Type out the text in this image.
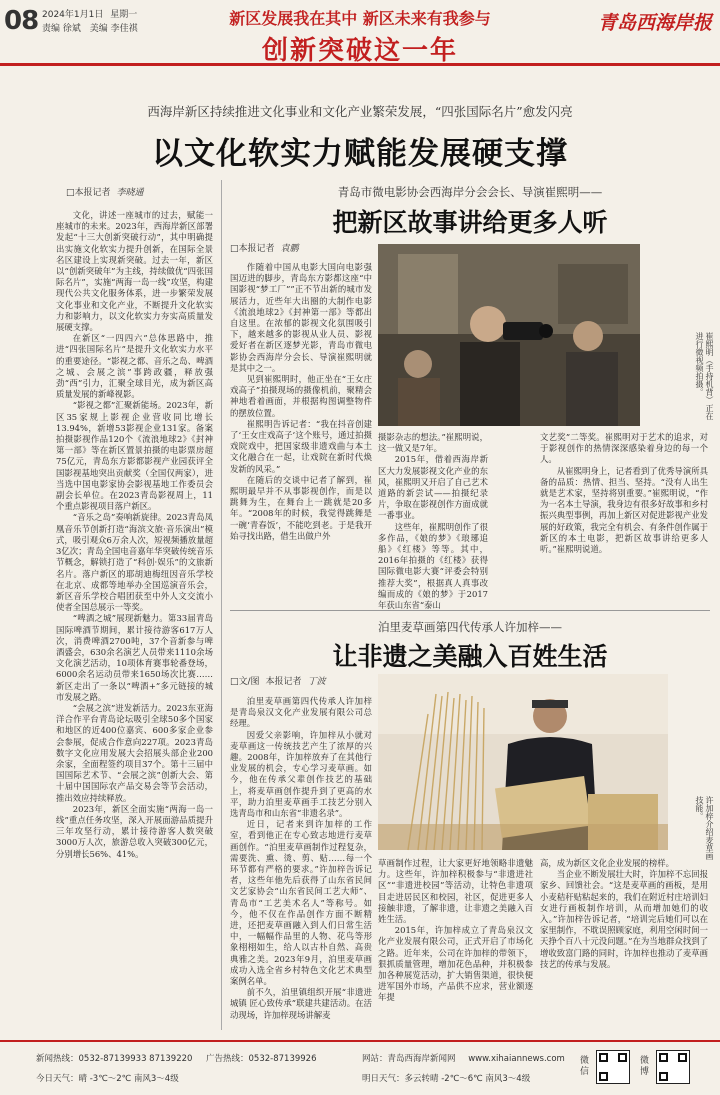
08 2024年1月1日 星期一
责编 徐斌 美编 李佳祺
新区发展我在其中 新区未来有我参与
创新突破这一年
青岛西海岸报
西海岸新区持续推进文化事业和文化产业繁荣发展，“四张国际名片”愈发闪亮
以文化软实力赋能发展硬支撑
□本报记者 李晓通

文化，讲述一座城市的过去，赋能一座城市的未来。2023年，西海岸新区部署发起“十三大创新突破行动”，其中明确提出实施文化软实力提升创新，在国际全景名区建设上实现新突破。过去一年，新区以“创新突破年”为主线，持续做优“四张国际名片”，实施“两海一岛一线”攻坚，构建现代公共文化服务体系，进一步繁荣发展文化事业和文化产业，不断提升文化软实力和影响力，以文化软实力夯实高质量发展硬支撑。

在新区“一四四六”总体思路中，推进“四张国际名片”是提升文化软实力水平的重要途径。“影视之都、音乐之岛、啤酒之城、会展之滨”事跨政疆，释放强劲“西”引力，汇聚全球目光，成为新区高质量发展的新峰视影。

“影视之都”汇聚新能场。2023年，新区35家规上影视企业营收同比增长13.94%，新增53影视企业131家。备案拍摄影视作品120个《流浪地球2》《封神第一部》等在新区置景拍摄的电影票房超75亿元，青岛东方影都影视产业园获评全国影视基地突出贡献奖（全国仅两家），进当选中国电影家协会影视基地工作委员会副会长单位。在2023青岛影视周上，11个重点影视项目落户新区。

“音乐之岛”奏响新旋律。2023青岛凤凰音乐节创新打造“海滨文旅·音乐演出”模式，吸引观众6万余人次，短视频播放量超3亿次；青岛全国电音嘉年华突破传统音乐节概念，解锁打造了“科创·娱乐”的文旅新名片。落户新区的耶胡迪梅纽因音乐学校在北京、成都等地举办全国巡演音乐会，新区音乐学校合唱团获至中外人文交流小使者全国总展示一等奖。

“啤酒之城”展现新魅力。第33届青岛国际啤酒节期间，累计接待游客617万人次，消费啤酒2700吨，37个音新参与啤酒盛会，630余名演艺人员带来1110余场文化演艺活动，10项体育赛事轮番登场，6000余名运动员带来1650场次比赛……新区走出了一条以“啤酒+”多元链接的城市发展之路。

“会展之滨”迸发新活力。2023东亚海洋合作平台青岛论坛吸引全球50多个国家和地区的近400位嘉宾、600多家企业参会参展，促成合作意向227项。2023青岛数字文化应用发展大会招展头部企业200余家，全面程签约项目37个。第十三届中国国际艺术节、“会展之滨”创新大会、第十届中国国际农产品交易会等节会活动，推出效应持续释放。

2023年，新区全面实施“两海一岛一线”重点任务攻坚，深入开展面游品质提升三年攻坚行动，累计接待游客人数突破3000万人次，旅游总收入突破300亿元，分别增长56%、41%。

青岛市微电影协会西海岸分会会长、导演崔熙明——
把新区故事讲给更多人听
□本报记者 袁鹏

作随着中国从电影大国向电影强国迈进的脚步，青岛东方影都这座“中国影视“梦工厂””正不节出新的城市发展活力，近些年大出圈的大制作电影《流浪地球2》《封神第一部》等都出自这里。在浓郁的影视文化氛围吸引下，越来越多的影视从业人员、影视爱好者在新区逐梦光影，青岛市微电影协会西海岸分会长、导演崔熙明就是其中之一。

见到崔熙明时，他正坐在“王女庄戏高子”拍摄现场的摄像机前，聚精会神地看着画面，并根据构图调整物件的摆放位置。

崔熙明告诉记者：“我在抖音创建了‘王女庄戏高子’这个账号，通过拍摄戏院戏中，把国家级非遗戏曲与本土文化融合在一起，让戏院在新时代焕发新的风采。”

在随后的交谈中记者了解到，崔熙明最早并不从事影视创作，而是以跳舞为生，在舞台上一跳就是20多年。“2008年的时候，我觉得跳舞是一碗‘青春饭’，不能吃到老。于是我开始寻找出路，借生出做户外

崔熙明（手持机背）正在进行微视频拍摄。

摄影杂志的想法。”崔熙明说，这一做又是7年。

2015年，借着西海岸新区大力发展影视文化产业的东风，崔熙明又开启了自己艺术道路的新尝试——拍摄纪录片，争取在影视创作方面成就一番事业。

这些年，崔熙明创作了很多作品，《娘的梦》《琅琊追船》《红楼》等等。其中，2016年拍摄的《红楼》获得国际微电影大赛“评委会特别推荐大奖”，根据真人真事改编而成的《娘的梦》于2017年获山东省“泰山

文艺奖”二等奖。崔熙明对于艺术的追求，对于影视创作的热情深深感染着身边的每一个人。

从崔熙明身上，记者看到了优秀导演所具备的品质：热情、担当、坚持。“没有人出生就是艺术家，坚持将别重要。”崔熙明说，“作为一名本土导演，我身边有很多好故事和乡村振兴典型事例，再加上新区对促进影视产业发展的好政策，我完全有机会、有条件创作属于新区的本土电影，把新区故事讲给更多人听。”崔熙明说道。

泊里麦草画第四代传承人许加梓——
让非遗之美融入百姓生活
□文/图 本报记者 丁波

泊里麦草画第四代传承人许加梓是青岛泉汉文化产业发展有限公司总经理。

因爱父亲影响，许加梓从小就对麦草画这一传统技艺产生了浓厚的兴趣。2008年，许加梓放弃了在其他行业发展的机会，专心学习麦草画。如今，他在传承父辈创作技艺的基础上，将麦草画创作提升到了更高的水平，助力泊里麦草画手工技艺分别入选青岛市和山东省“非遗名录”。

近日，记者来到许加梓的工作室，看到他正在专心致志地进行麦草画创作。“泊里麦草画制作过程复杂，需要洗、熏、烫、剪、贴……每一个环节都有严格的要求。”许加梓告诉记者，这些年他先后获得了山东省民间文艺家协会“山东省民间工艺大师”、青岛市“工艺美术名人”等称号。如今，他不仅在作品创作方面不断精进，还把麦草画融入到人们日常生活中，一幅幅作品里的人物、花鸟等形象栩栩如生，给人以古朴自然、高贵典雅之美。2023年9月，泊里麦草画成功入选全省乡村特色文化艺术典型案例名单。

前不久，泊里镇组织开展“非遗进城镇 匠心致传承”联建共建活动。在活动现场，许加梓现场讲解麦

许加梓介绍麦草画技能。

草画制作过程，让大家更好地领略非遗魅力。这些年，许加梓积极参与“非遗进社区”“非遗进校园”等活动，让特色非遗项目走进居民区和校园，社区，促进更多人接触非遗，了解非遗，让非遗之美融入百姓生活。

2015年，许加梓成立了青岛泉汉文化产业发展有限公司，正式开启了市场化之路。近年来，公司在许加梓的带领下，狠抓质量管理，增加花色品种，并积极参加各种展览活动，扩大销售渠道，很快便进军国外市场，产品供不应求，营业额逐年提

高，成为新区文化企业发展的榜样。

当企业不断发展壮大时，许加梓不忘回报家乡、回馈社会。“这是麦草画的画板，是用小麦秸秆贴粘起来的，我们在附近村庄培训妇女进行画板制作培训，从而增加她们的收入。”许加梓告诉记者，“培训完后她们可以在家里制作，不耽误照顾家庭，利用空闲时间一天挣个百八十元没问题。”在为当地群众找到了增收致富门路的同时，许加梓也推动了麦草画技艺的传承与发展。

新闻热线：0532-87139933 87139220 广告热线：0532-87139926	网站：青岛西海岸新闻网 www.xihaiannews.com
今日天气：晴 -3℃～2℃ 南风3～4级	明日天气：多云转晴 -2℃～6℃ 南风3～4级
微信
微博
